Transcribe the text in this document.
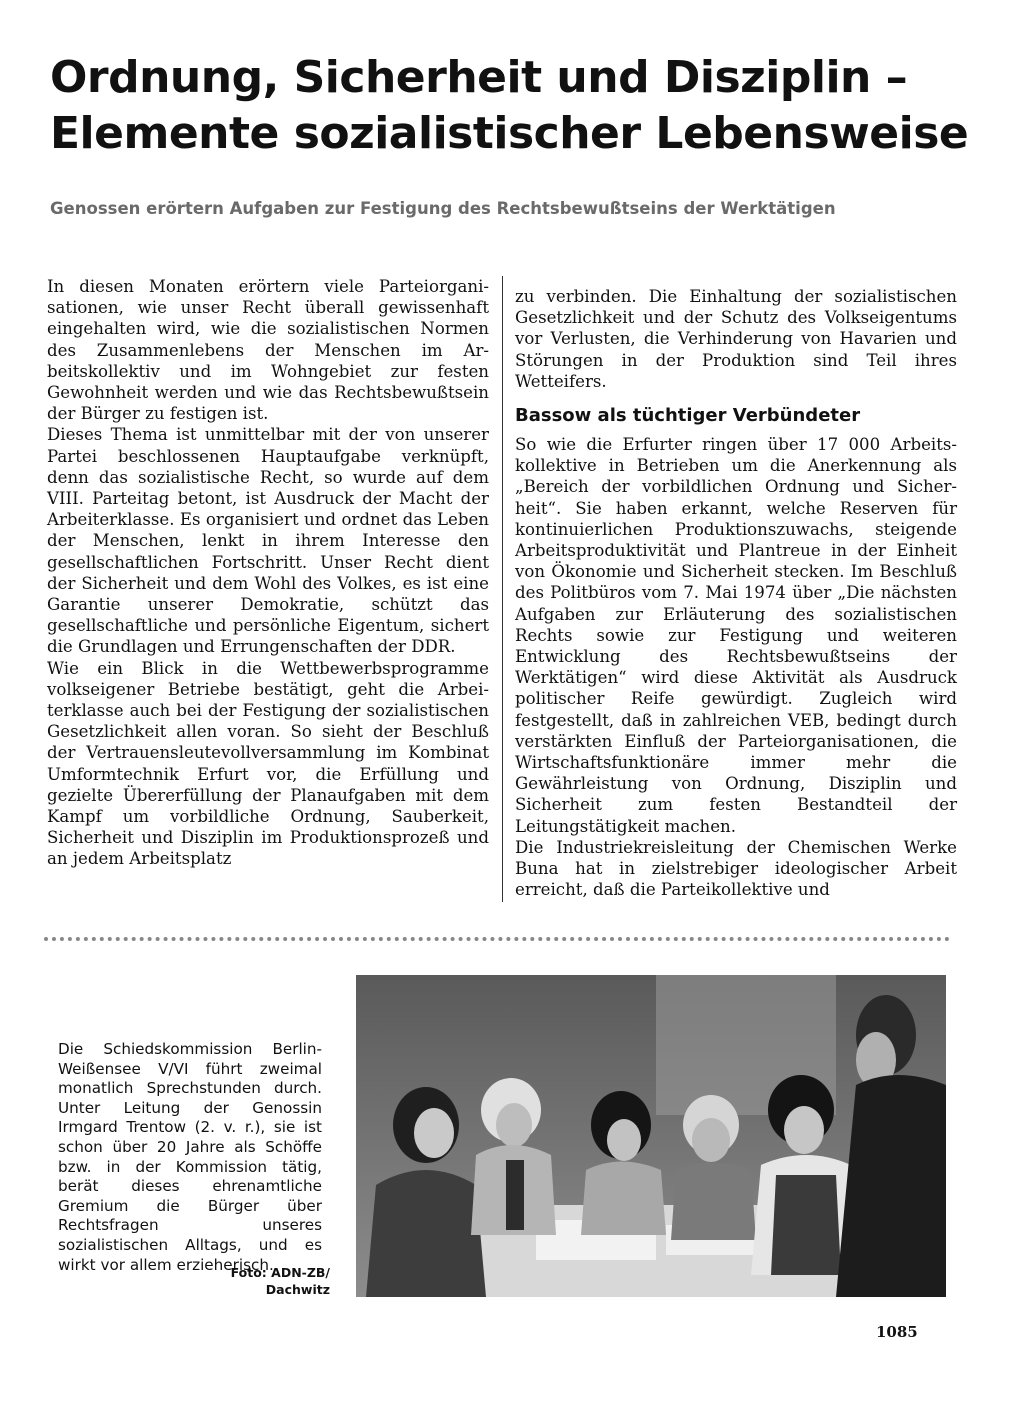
Ordnung, Sicherheit und Disziplin –
Elemente sozialistischer Lebensweise

Genossen erörtern Aufgaben zur Festigung des Rechtsbewußtseins der Werktätigen

In diesen Monaten erörtern viele Parteiorganisationen, wie unser Recht überall gewissenhaft eingehalten wird, wie die sozialistischen Normen des Zusammenlebens der Menschen im Arbeitskollektiv und im Wohngebiet zur festen Gewohnheit werden und wie das Rechtsbewußtsein der Bürger zu festigen ist.

Dieses Thema ist unmittelbar mit der von unserer Partei beschlossenen Hauptaufgabe verknüpft, denn das sozialistische Recht, so wurde auf dem VIII. Parteitag betont, ist Ausdruck der Macht der Arbeiterklasse. Es organisiert und ordnet das Leben der Menschen, lenkt in ihrem Interesse den gesellschaftlichen Fortschritt. Unser Recht dient der Sicherheit und dem Wohl des Volkes, es ist eine Garantie unserer Demokratie, schützt das gesellschaftliche und persönliche Eigentum, sichert die Grundlagen und Errungenschaften der DDR.

Wie ein Blick in die Wettbewerbsprogramme volkseigener Betriebe bestätigt, geht die Arbeiterklasse auch bei der Festigung der sozialistischen Gesetzlichkeit allen voran. So sieht der Beschluß der Vertrauensleutevollversammlung im Kombinat Umformtechnik Erfurt vor, die Erfüllung und gezielte Übererfüllung der Planaufgaben mit dem Kampf um vorbildliche Ordnung, Sauberkeit, Sicherheit und Disziplin im Produktionsprozeß und an jedem Arbeitsplatz

zu verbinden. Die Einhaltung der sozialistischen Gesetzlichkeit und der Schutz des Volkseigentums vor Verlusten, die Verhinderung von Havarien und Störungen in der Produktion sind Teil ihres Wetteifers.

Bassow als tüchtiger Verbündeter

So wie die Erfurter ringen über 17 000 Arbeitskollektive in Betrieben um die Anerkennung als „Bereich der vorbildlichen Ordnung und Sicherheit“. Sie haben erkannt, welche Reserven für kontinuierlichen Produktionszuwachs, steigende Arbeitsproduktivität und Plantreue in der Einheit von Ökonomie und Sicherheit stecken. Im Beschluß des Politbüros vom 7. Mai 1974 über „Die nächsten Aufgaben zur Erläuterung des sozialistischen Rechts sowie zur Festigung und weiteren Entwicklung des Rechtsbewußtseins der Werktätigen“ wird diese Aktivität als Ausdruck politischer Reife gewürdigt. Zugleich wird festgestellt, daß in zahlreichen VEB, bedingt durch verstärkten Einfluß der Parteiorganisationen, die Wirtschaftsfunktionäre immer mehr die Gewährleistung von Ordnung, Disziplin und Sicherheit zum festen Bestandteil der Leitungstätigkeit machen.

Die Industriekreisleitung der Chemischen Werke Buna hat in zielstrebiger ideologischer Arbeit erreicht, daß die Parteikollektive und

Die Schiedskommission Berlin-Weißensee V/VI führt zweimal monatlich Sprechstunden durch. Unter Leitung der Genossin Irmgard Trentow (2. v. r.), sie ist schon über 20 Jahre als Schöffe bzw. in der Kommission tätig, berät dieses ehrenamtliche Gremium die Bürger über Rechtsfragen unseres sozialistischen Alltags, und es wirkt vor allem erzieherisch.
Foto: ADN-ZB/
Dachwitz
1085
